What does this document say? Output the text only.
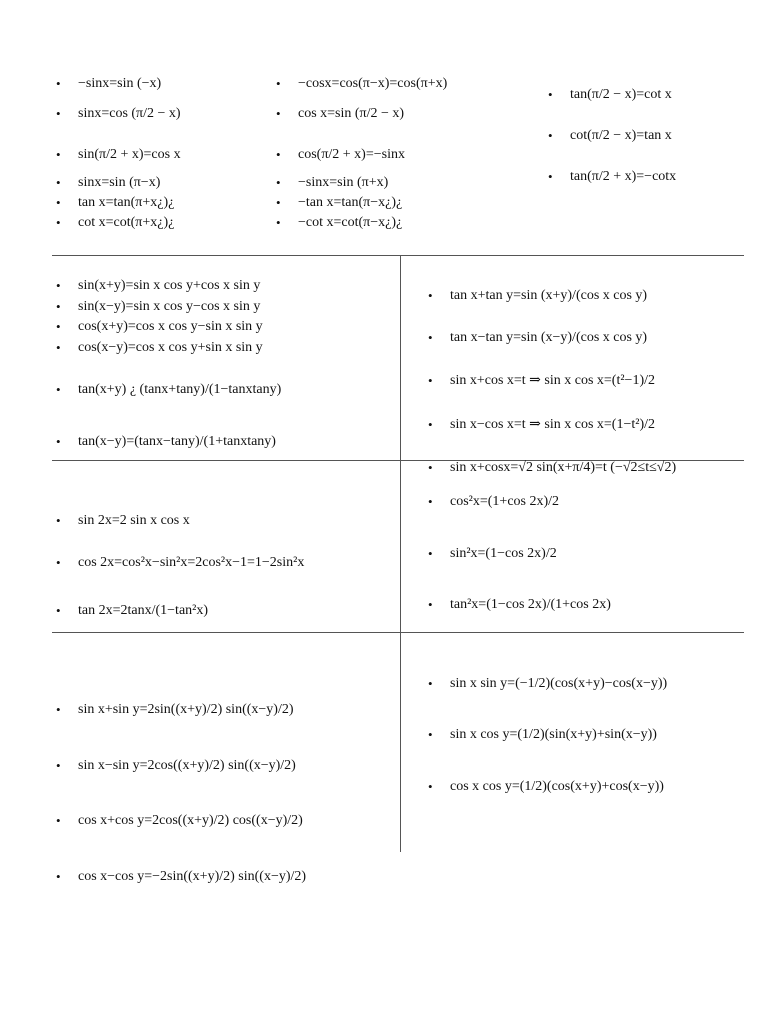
•	−sinx=sin (−x)
•	sinx=cos (π/2 − x)
•	sin(π/2 + x)=cos x
•	sinx=sin (π−x)
•	tan x=tan(π+x¿)¿
•	cot x=cot(π+x¿)¿
•	−cosx=cos(π−x)=cos(π+x)
•	cos x=sin (π/2 − x)
•	cos(π/2 + x)=−sinx
•	−sinx=sin (π+x)
•	−tan x=tan(π−x¿)¿
•	−cot x=cot(π−x¿)¿
•	tan(π/2 − x)=cot x
•	cot(π/2 − x)=tan x
•	tan(π/2 + x)=−cotx
•	sin(x+y)=sin x cos y+cos x sin y
•	sin(x−y)=sin x cos y−cos x sin y
•	cos(x+y)=cos x cos y−sin x sin y
•	cos(x−y)=cos x cos y+sin x sin y
•	tan(x+y) ¿ (tanx+tany)/(1−tanxtany)
•	tan(x−y)=(tanx−tany)/(1+tanxtany)
•	tan x+tan y=sin (x+y)/(cos x cos y)
•	tan x−tan y=sin (x−y)/(cos x cos y)
•	sin x+cos x=t ⇒ sin x cos x=(t²−1)/2
•	sin x−cos x=t ⇒ sin x cos x=(1−t²)/2
•	sin x+cosx=√2 sin(x+π/4)=t (−√2≤t≤√2)
•	sin 2x=2 sin x cos x
•	cos 2x=cos²x−sin²x=2cos²x−1=1−2sin²x
•	tan 2x=2tanx/(1−tan²x)
•	cos²x=(1+cos 2x)/2
•	sin²x=(1−cos 2x)/2
•	tan²x=(1−cos 2x)/(1+cos 2x)
•	sin x+sin y=2sin((x+y)/2) sin((x−y)/2)
•	sin x−sin y=2cos((x+y)/2) sin((x−y)/2)
•	cos x+cos y=2cos((x+y)/2) cos((x−y)/2)
•	cos x−cos y=−2sin((x+y)/2) sin((x−y)/2)
•	sin x sin y=(−1/2)(cos(x+y)−cos(x−y))
•	sin x cos y=(1/2)(sin(x+y)+sin(x−y))
•	cos x cos y=(1/2)(cos(x+y)+cos(x−y))
